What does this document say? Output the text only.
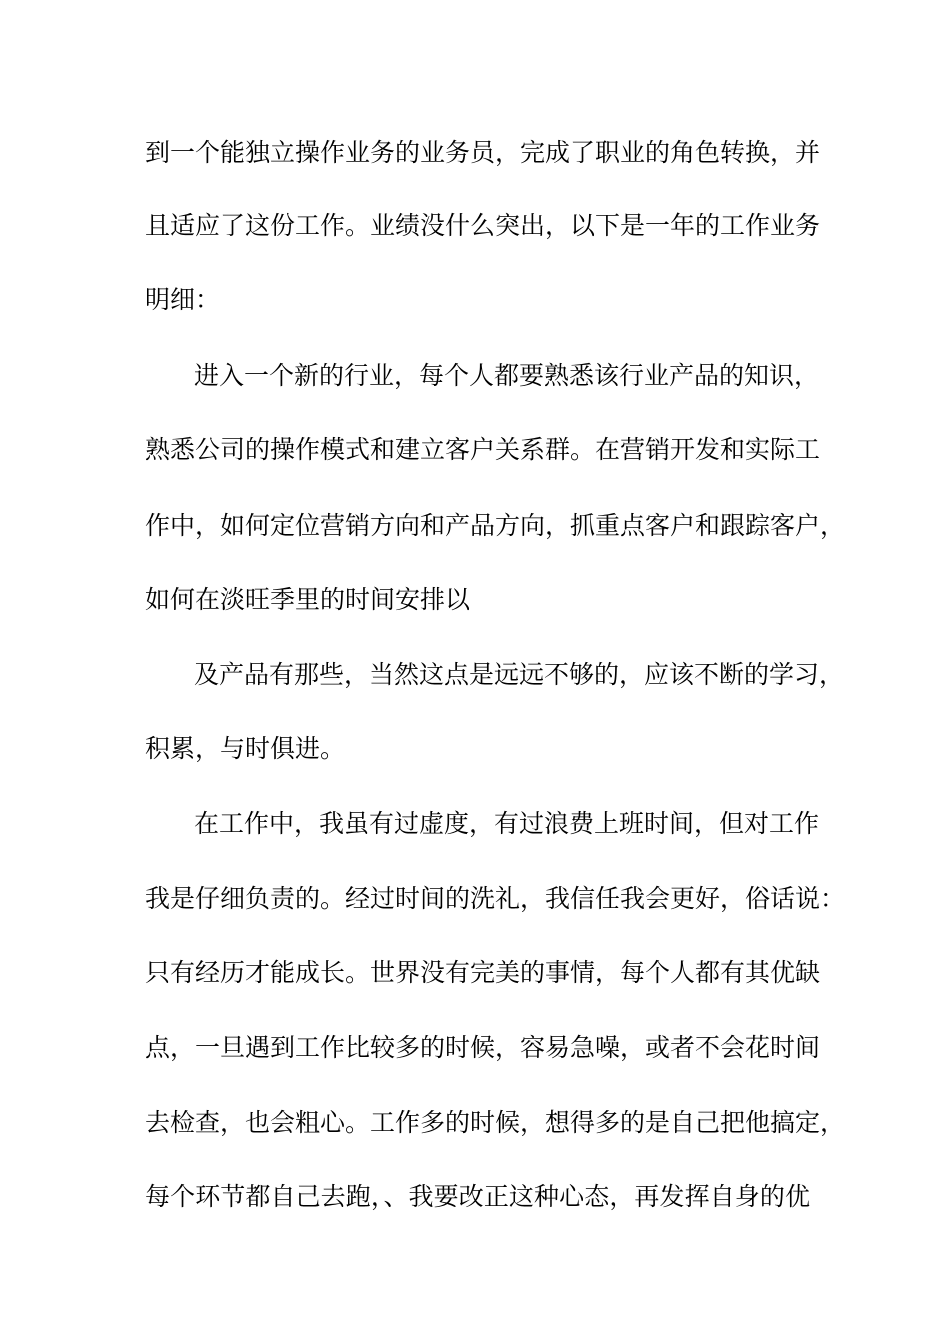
到一个能独立操作业务的业务员，完成了职业的角色转换，并
且适应了这份工作。业绩没什么突出，以下是一年的工作业务
明细：
进入一个新的行业，每个人都要熟悉该行业产品的知识，
熟悉公司的操作模式和建立客户关系群。在营销开发和实际工
作中，如何定位营销方向和产品方向，抓重点客户和跟踪客户，
如何在淡旺季里的时间安排以
及产品有那些，当然这点是远远不够的，应该不断的学习，
积累，与时俱进。
在工作中，我虽有过虚度，有过浪费上班时间，但对工作
我是仔细负责的。经过时间的洗礼，我信任我会更好，俗话说：
只有经历才能成长。世界没有完美的事情，每个人都有其优缺
点，一旦遇到工作比较多的时候，容易急噪，或者不会花时间
去检查，也会粗心。工作多的时候，想得多的是自己把他搞定，
每个环节都自己去跑，、我要改正这种心态，再发挥自身的优
